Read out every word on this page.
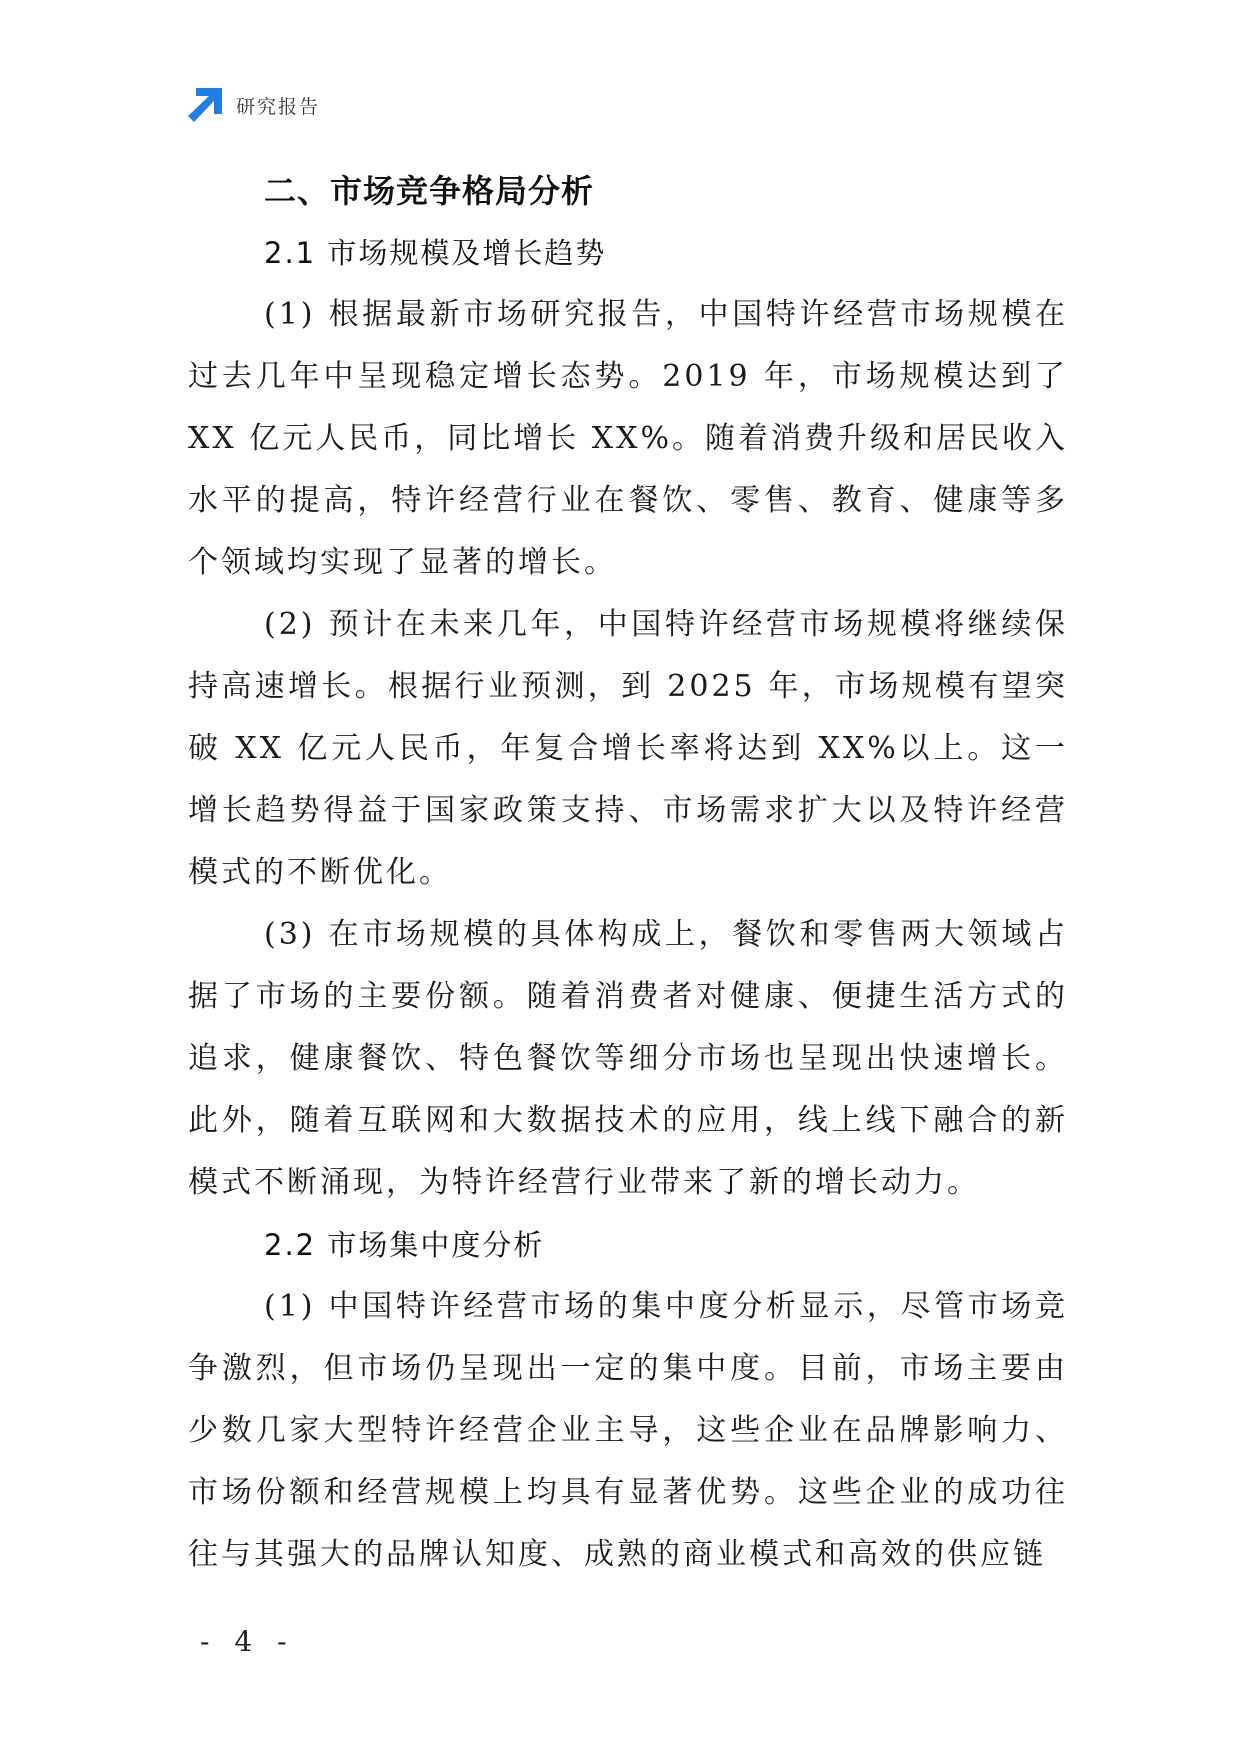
研究报告
二、市场竞争格局分析
2.1 市场规模及增长趋势

(1) 根据最新市场研究报告，中国特许经营市场规模在过去几年中呈现稳定增长态势。2019 年，市场规模达到了 XX 亿元人民币，同比增长 XX%。随着消费升级和居民收入水平的提高，特许经营行业在餐饮、零售、教育、健康等多个领域均实现了显著的增长。

(2) 预计在未来几年，中国特许经营市场规模将继续保持高速增长。根据行业预测，到 2025 年，市场规模有望突破 XX 亿元人民币，年复合增长率将达到 XX%以上。这一增长趋势得益于国家政策支持、市场需求扩大以及特许经营模式的不断优化。

(3) 在市场规模的具体构成上，餐饮和零售两大领域占据了市场的主要份额。随着消费者对健康、便捷生活方式的追求，健康餐饮、特色餐饮等细分市场也呈现出快速增长。此外，随着互联网和大数据技术的应用，线上线下融合的新模式不断涌现，为特许经营行业带来了新的增长动力。

2.2 市场集中度分析

(1) 中国特许经营市场的集中度分析显示，尽管市场竞争激烈，但市场仍呈现出一定的集中度。目前，市场主要由少数几家大型特许经营企业主导，这些企业在品牌影响力、市场份额和经营规模上均具有显著优势。这些企业的成功往往与其强大的品牌认知度、成熟的商业模式和高效的供应链

- 4 -
